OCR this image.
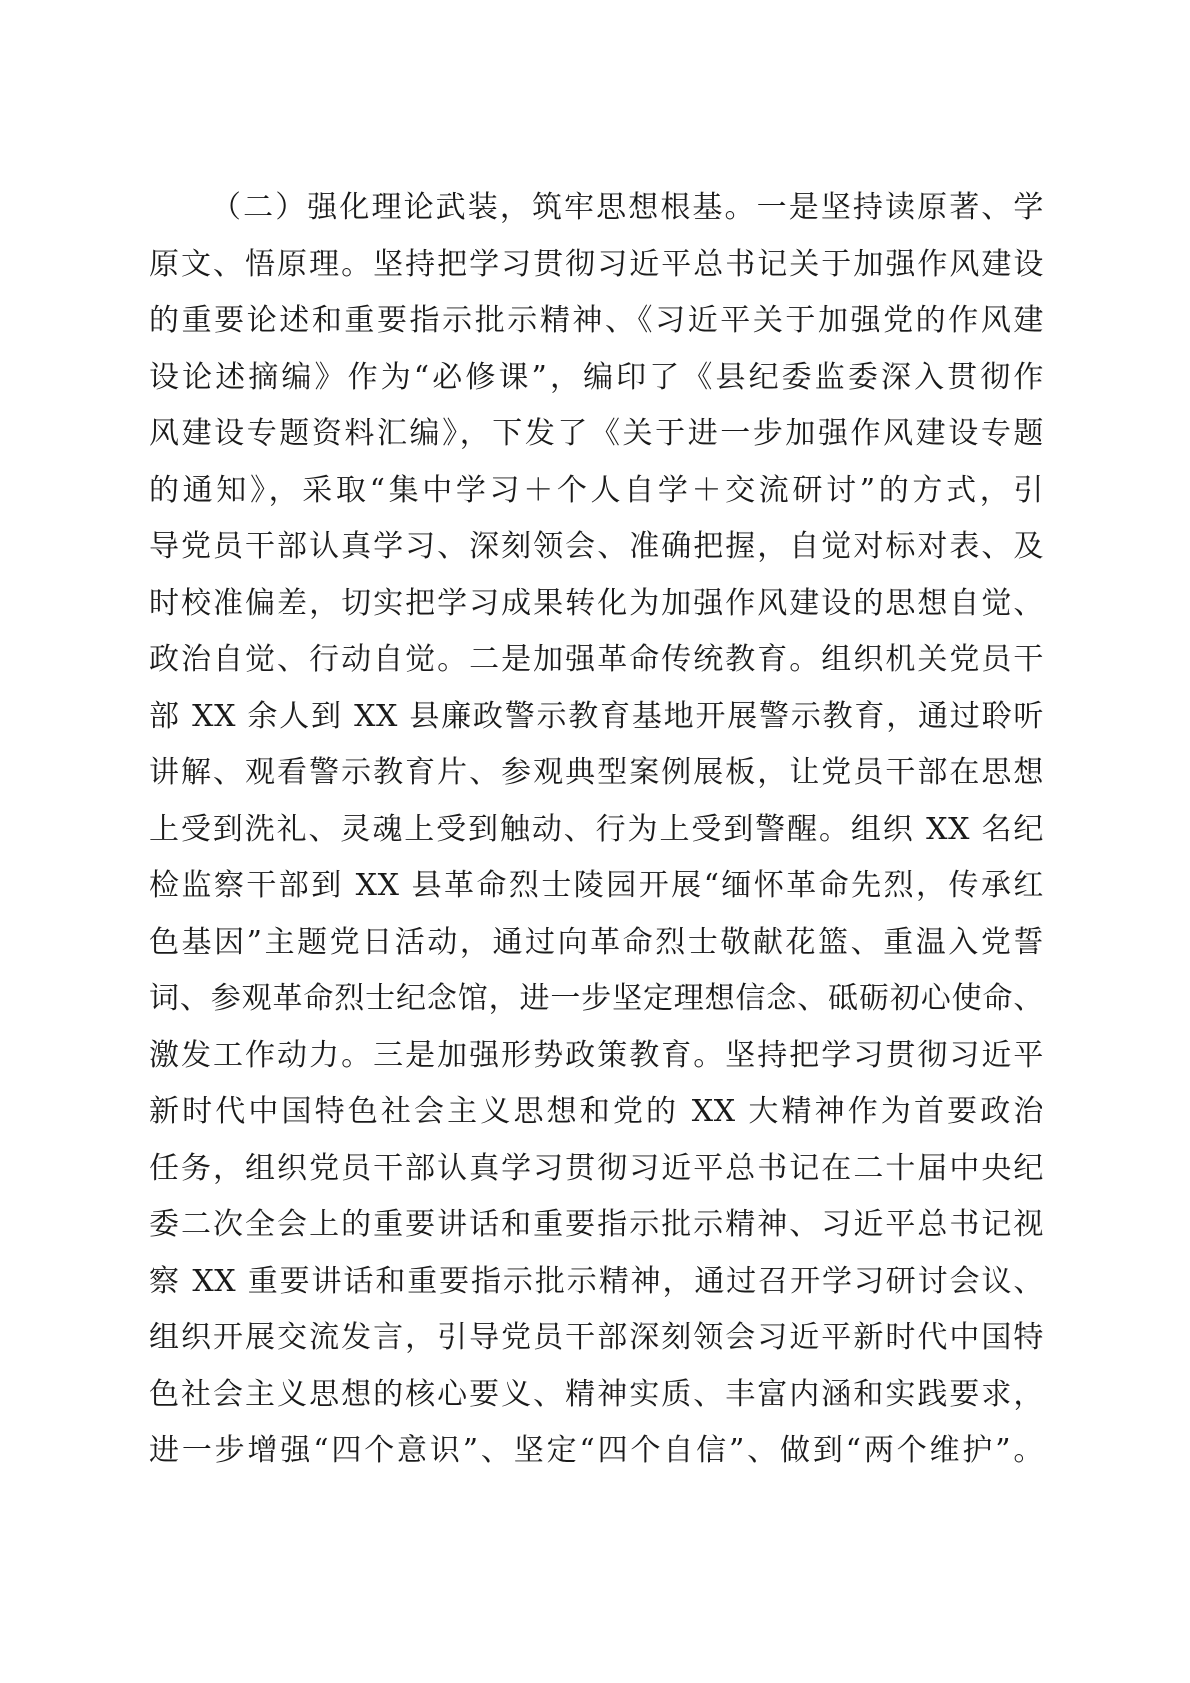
（二）强化理论武装，筑牢思想根基。一是坚持读原著、学
原文、悟原理。坚持把学习贯彻习近平总书记关于加强作风建设
的重要论述和重要指示批示精神、《习近平关于加强党的作风建
设论述摘编》作为“必修课”，编印了《县纪委监委深入贯彻作
风建设专题资料汇编》，下发了《关于进一步加强作风建设专题
的通知》，采取“集中学习＋个人自学＋交流研讨”的方式，引
导党员干部认真学习、深刻领会、准确把握，自觉对标对表、及
时校准偏差，切实把学习成果转化为加强作风建设的思想自觉、
政治自觉、行动自觉。二是加强革命传统教育。组织机关党员干
部 XX 余人到 XX 县廉政警示教育基地开展警示教育，通过聆听
讲解、观看警示教育片、参观典型案例展板，让党员干部在思想
上受到洗礼、灵魂上受到触动、行为上受到警醒。组织 XX 名纪
检监察干部到 XX 县革命烈士陵园开展“缅怀革命先烈，传承红
色基因”主题党日活动，通过向革命烈士敬献花篮、重温入党誓
词、参观革命烈士纪念馆，进一步坚定理想信念、砥砺初心使命、
激发工作动力。三是加强形势政策教育。坚持把学习贯彻习近平
新时代中国特色社会主义思想和党的 XX 大精神作为首要政治
任务，组织党员干部认真学习贯彻习近平总书记在二十届中央纪
委二次全会上的重要讲话和重要指示批示精神、习近平总书记视
察 XX 重要讲话和重要指示批示精神，通过召开学习研讨会议、
组织开展交流发言，引导党员干部深刻领会习近平新时代中国特
色社会主义思想的核心要义、精神实质、丰富内涵和实践要求，
进一步增强“四个意识”、坚定“四个自信”、做到“两个维护”。
